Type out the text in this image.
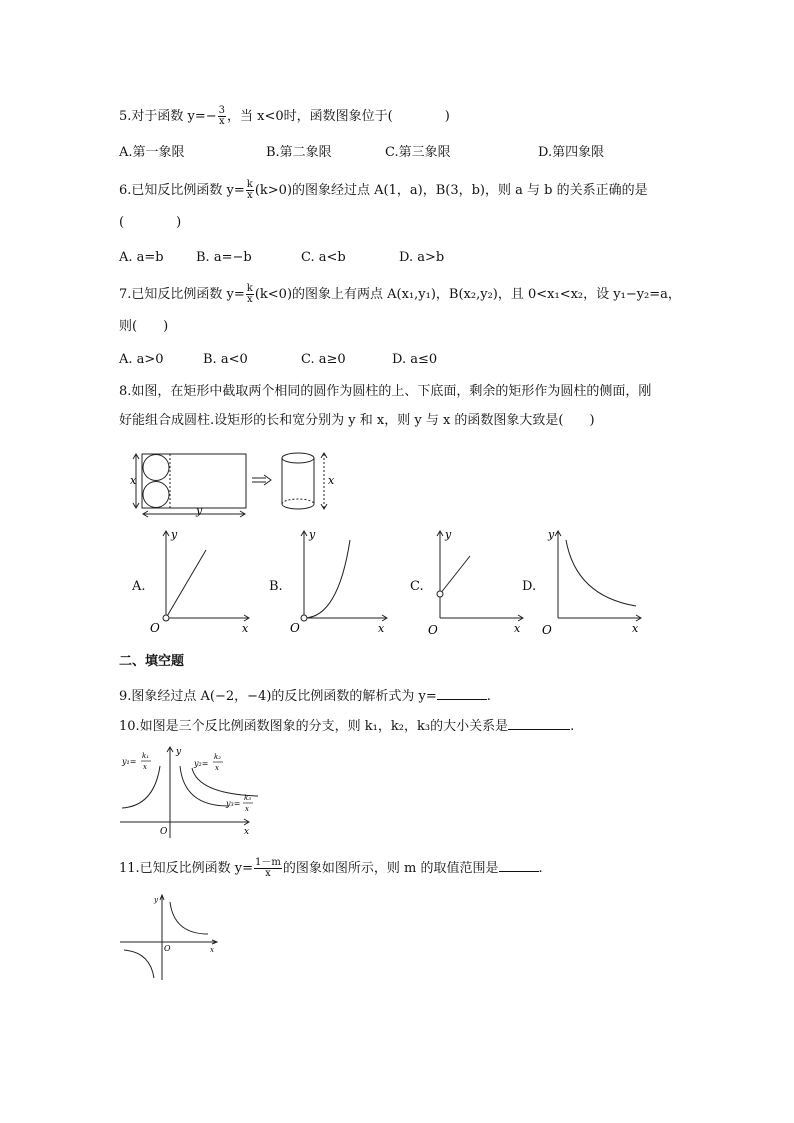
5.对于函数 $y=- \frac{3}{x}$ ，当 x<0时，函数图象位于(　　　　)
A.第一象限	B.第二象限	C.第三象限	D.第四象限
6.已知反比例函数 $y= \frac{k}{x} (k>0)$的图象经过点 A(1，a)，B(3，b)，则 a 与 b 的关系正确的是
(　　　　)
A. a=b B. a=−b	C. a<b	D. a>b
7.已知反比例函数 $y= \frac{k}{x} (k<0)$的图象上有两点 A(x₁,y₁)，B(x₂,y₂)，且 0<x₁<x₂，设 y₁−y₂=a，
则(　　)
A. a>0	B. a<0	C. a≥0	D. a≤0
8.如图，在矩形中截取两个相同的圆作为圆柱的上、下底面，剩余的矩形作为圆柱的侧面，刚
好能组合成圆柱.设矩形的长和宽分别为 y 和 x，则 y 与 x 的函数图象大致是(　　)
x
y
x
A.
y
x
O
B.
y
x
O
C.
y
x
O
D.
y
x
O
二、填空题
9.图象经过点 A(−2，−4)的反比例函数的解析式为 y=	.
10.如图是三个反比例函数图象的分支，则 k₁，k₂，k₃的大小关系是	.
y
x
O
y₁=
k₁
x	y₂=
k₂
x
y₃=
k₃
x
11.已知反比例函数 $y= \frac{1-m}{x}$ 的图象如图所示，则 m 的取值范围是	.
y
x
O
